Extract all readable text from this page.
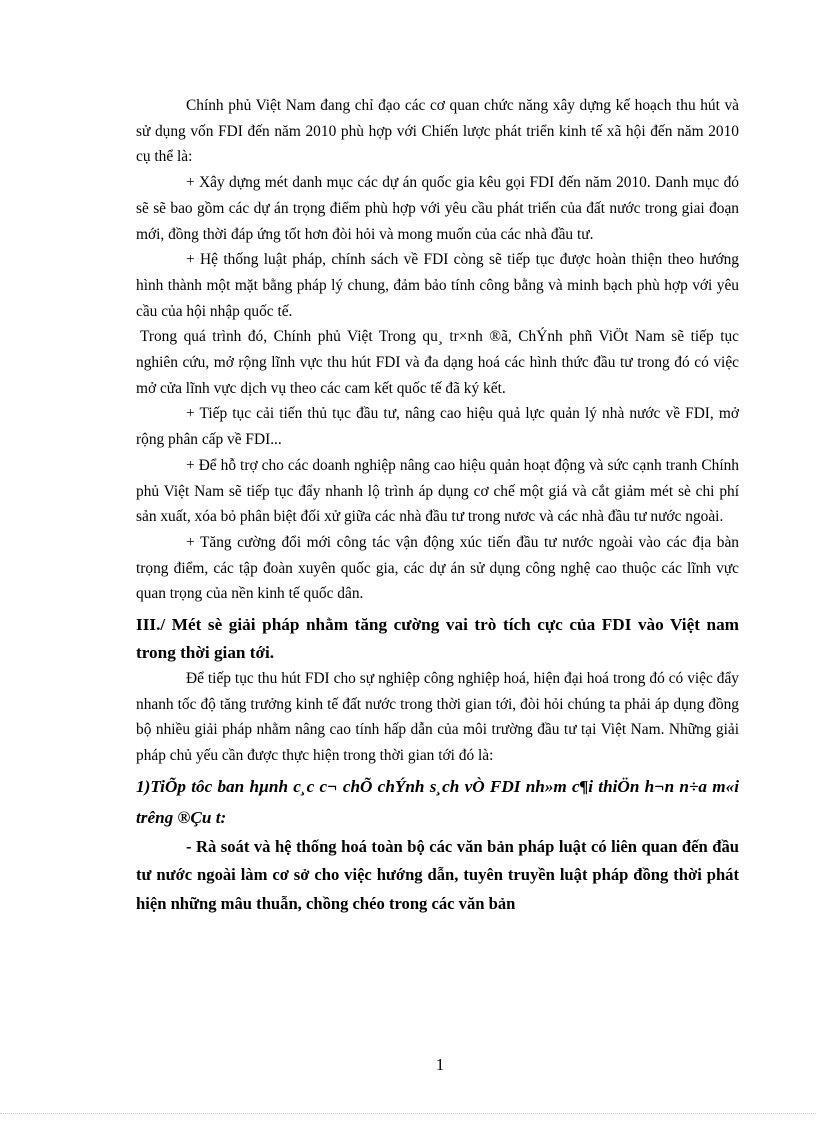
Chính phủ Việt Nam đang chỉ đạo các cơ quan chức năng xây dựng kế hoạch thu hút và sử dụng vốn FDI đến năm 2010 phù hợp với Chiến lược phát triển kinh tế xã hội đến năm 2010 cụ thể là:

+ Xây dựng mét danh mục các dự án quốc gia kêu gọi FDI đến năm 2010. Danh mục đó sẽ sẽ bao gồm các dự án trọng điểm phù hợp với yêu cầu phát triển của đất nước trong giai đoạn mới, đồng thời đáp ứng tốt hơn đòi hỏi và mong muốn của các nhà đầu tư.

+ Hệ thống luật pháp, chính sách về FDI còng sẽ tiếp tục được hoàn thiện theo hướng hình thành một mặt bằng pháp lý chung, đảm bảo tính công bằng và minh bạch phù hợp với yêu cầu của hội nhập quốc tế.

Trong quá trình đó, Chính phủ Việt Trong qu¸ tr×nh ®ã, ChÝnh phñ ViÖt Nam sẽ tiếp tục nghiên cứu, mở rộng lĩnh vực thu hút FDI và đa dạng hoá các hình thức đầu tư trong đó có việc mở cửa lĩnh vực dịch vụ theo các cam kết quốc tế đã ký kết.

+ Tiếp tục cải tiến thủ tục đầu tư, nâng cao hiệu quả lực quản lý nhà nước về FDI, mở rộng phân cấp về FDI...

+ Để hỗ trợ cho các doanh nghiệp nâng cao hiệu quản hoạt động và sức cạnh tranh Chính phủ Việt Nam sẽ tiếp tục đẩy nhanh lộ trình áp dụng cơ chế một giá và cắt giảm mét sè chi phí sản xuất, xóa bỏ phân biệt đối xử giữa các nhà đầu tư trong nươc và các nhà đầu tư nước ngoài.

+ Tăng cường đổi mới công tác vận động xúc tiến đầu tư nước ngoài vào các địa bàn trọng điểm, các tập đoàn xuyên quốc gia, các dự án sử dụng công nghệ cao thuộc các lĩnh vực quan trọng của nền kinh tế quốc dân.

III./ Mét sè giải pháp nhằm tăng cường vai trò tích cực của FDI vào Việt nam trong thời gian tới.

Để tiếp tục thu hút FDI cho sự nghiệp công nghiệp hoá, hiện đại hoá trong đó có việc đẩy nhanh tốc độ tăng trưởng kinh tế đất nước trong thời gian tới, đòi hỏi chúng ta phải áp dụng đồng bộ nhiều giải pháp nhằm nâng cao tính hấp dẫn của môi trường đầu tư tại Việt Nam. Những giải pháp chủ yếu cần được thực hiện trong thời gian tới đó là:

1)TiÕp tôc ban hµnh c¸c c¬ chÕ chÝnh s¸ch vÒ FDI nh»m c¶i thiÖn h¬n n÷a m«i trêng ®Çu t:

- Rà soát và hệ thống hoá toàn bộ các văn bản pháp luật có liên quan đến đầu tư nước ngoài làm cơ sở cho việc hướng dẫn, tuyên truyền luật pháp đồng thời phát hiện những mâu thuẫn, chồng chéo trong các văn bản

1
